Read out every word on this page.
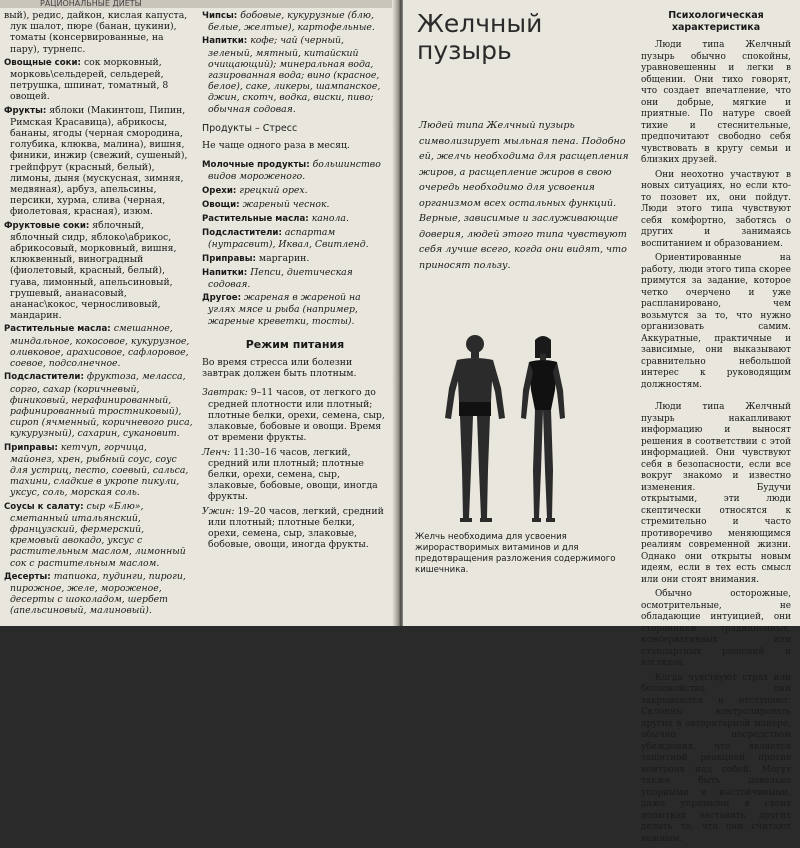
РАЦИОНАЛЬНЫЕ ДИЕТЫ
вый), редис, дайкон, кислая капуста, лук шалот, пюре (банан, цукини), томаты (консервированные, на пару), турнепс.
Овощные соки: сок морковный, морковь\сельдерей, сельдерей, петрушка, шпинат, томатный, 8 овощей.
Фрукты: яблоки (Макинтош, Пипин, Римская Красавица), абрикосы, бананы, ягоды (черная смородина, голубика, клюква, малина), вишня, финики, инжир (свежий, сушеный), грейпфрут (красный, белый), лимоны, дыня (мускусная, зимняя, медвяная), арбуз, апельсины, персики, хурма, слива (черная, фиолетовая, красная), изюм.
Фруктовые соки: яблочный, яблочный сидр, яблоко\абрикос, абрикосовый, морковный, вишня, клюквенный, виноградный (фиолетовый, красный, белый), гуава, лимонный, апельсиновый, грушевый, ананасовый, ананас\кокос, черносливовый, мандарин.
Растительные масла: смешанное, миндальное, кокосовое, кукурузное, оливковое, арахисовое, сафлоровое, соевое, подсолнечное.
Подсластители: фруктоза, меласса, сорго, сахар (коричневый, финиковый, нерафинированный, рафинированный тростниковый), сироп (ячменный, коричневого риса, кукурузный), сахарин, сукановит.
Приправы: кетчуп, горчица, майонез, хрен, рыбный соус, соус для устриц, песто, соевый, сальса, тахини, сладкие в укропе пикули, уксус, соль, морская соль.
Соусы к салату: сыр «Блю», сметанный итальянский, французский, фермерский, кремовый авокадо, уксус с растительным маслом, лимонный сок с растительным маслом.
Десерты: тапиока, пудинги, пироги, пирожное, желе, мороженое, десерты с шоколадом, шербет (апельсиновый, малиновый).
Чипсы: бобовые, кукурузные (блю, белые, желтые), картофельные.
Напитки: кофе; чай (черный, зеленый, мятный, китайский очищающий); минеральная вода, газированная вода; вино (красное, белое), саке, ликеры, шампанское, джин, скотч, водка, виски, пиво; обычная содовая.
Продукты – Стресс
Не чаще одного раза в месяц.
Молочные продукты: большинство видов мороженого.
Орехи: грецкий орех.
Овощи: жареный чеснок.
Растительные масла: канола.
Подсластители: аспартам (нутрасвит), Иквал, Свитленд.
Приправы: маргарин.
Напитки: Пепси, диетическая содовая.
Другое: жареная в жареной на углях мясе и рыба (например, жареные креветки, тосты).
Режим питания
Во время стресса или болезни завтрак должен быть плотным.
Завтрак: 9–11 часов, от легкого до средней плотности или плотный; плотные белки, орехи, семена, сыр, злаковые, бобовые и овощи. Время от времени фрукты.
Ленч: 11:30–16 часов, легкий, средний или плотный; плотные белки, орехи, семена, сыр, злаковые, бобовые, овощи, иногда фрукты.
Ужин: 19–20 часов, легкий, средний или плотный; плотные белки, орехи, семена, сыр, злаковые, бобовые, овощи, иногда фрукты.
Желчный
пузырь
Людей типа Желчный пузырь символизирует мыльная пена. Подобно ей, желчь необходима для расщепления жиров, а расщепление жиров в свою очередь необходимо для усвоения организмом всех остальных функций. Верные, зависимые и заслуживающие доверия, людей этого типа чувствуют себя лучше всего, когда они видят, что приносят пользу.
Желчь необходима для усвоения жирорастворимых витаминов и для предотвращения разложения содержимого кишечника.
Психологическая
характеристика

Люди типа Желчный пузырь обычно спокойны, уравновешенны и легки в общении. Они тихо говорят, что создает впечатление, что они добрые, мягкие и приятные. По натуре своей тихие и стеснительные, предпочитают свободно себя чувствовать в кругу семьи и близких друзей.

Они неохотно участвуют в новых ситуациях, но если кто-то позовет их, они пойдут. Люди этого типа чувствуют себя комфортно, заботясь о других и занимаясь воспитанием и образованием.

Ориентированные на работу, люди этого типа скорее примутся за задание, которое четко очерчено и уже распланировано, чем возьмутся за то, что нужно организовать самим. Аккуратные, практичные и зависимые, они выказывают сравнительно небольшой интерес к руководящим должностям.

Люди типа Желчный пузырь накапливают информацию и выносят решения в соответствии с этой информацией. Они чувствуют себя в безопасности, если все вокруг знакомо и известно изменения. Будучи открытыми, эти люди скептически относятся к стремительно и часто противоречиво меняющимся реалиям современной жизни. Однако они открыты новым идеям, если в тех есть смысл или они стоят внимания.

Обычно осторожные, осмотрительные, не обладающие интуицией, они сторонники традиционных, консервативных или стандартных решений и взглядов.

Когда чувствуют страх или беспокойство, они закрываются и отступают. Склонны контролировать других в авторитарной манере, обычно посредством убеждения, что является защитной реакцией против контроля над собой. Могут также быть довольно упорными и настойчивыми, даже упрямыми в своих попытках заставить других делать то, что они считают важным.
